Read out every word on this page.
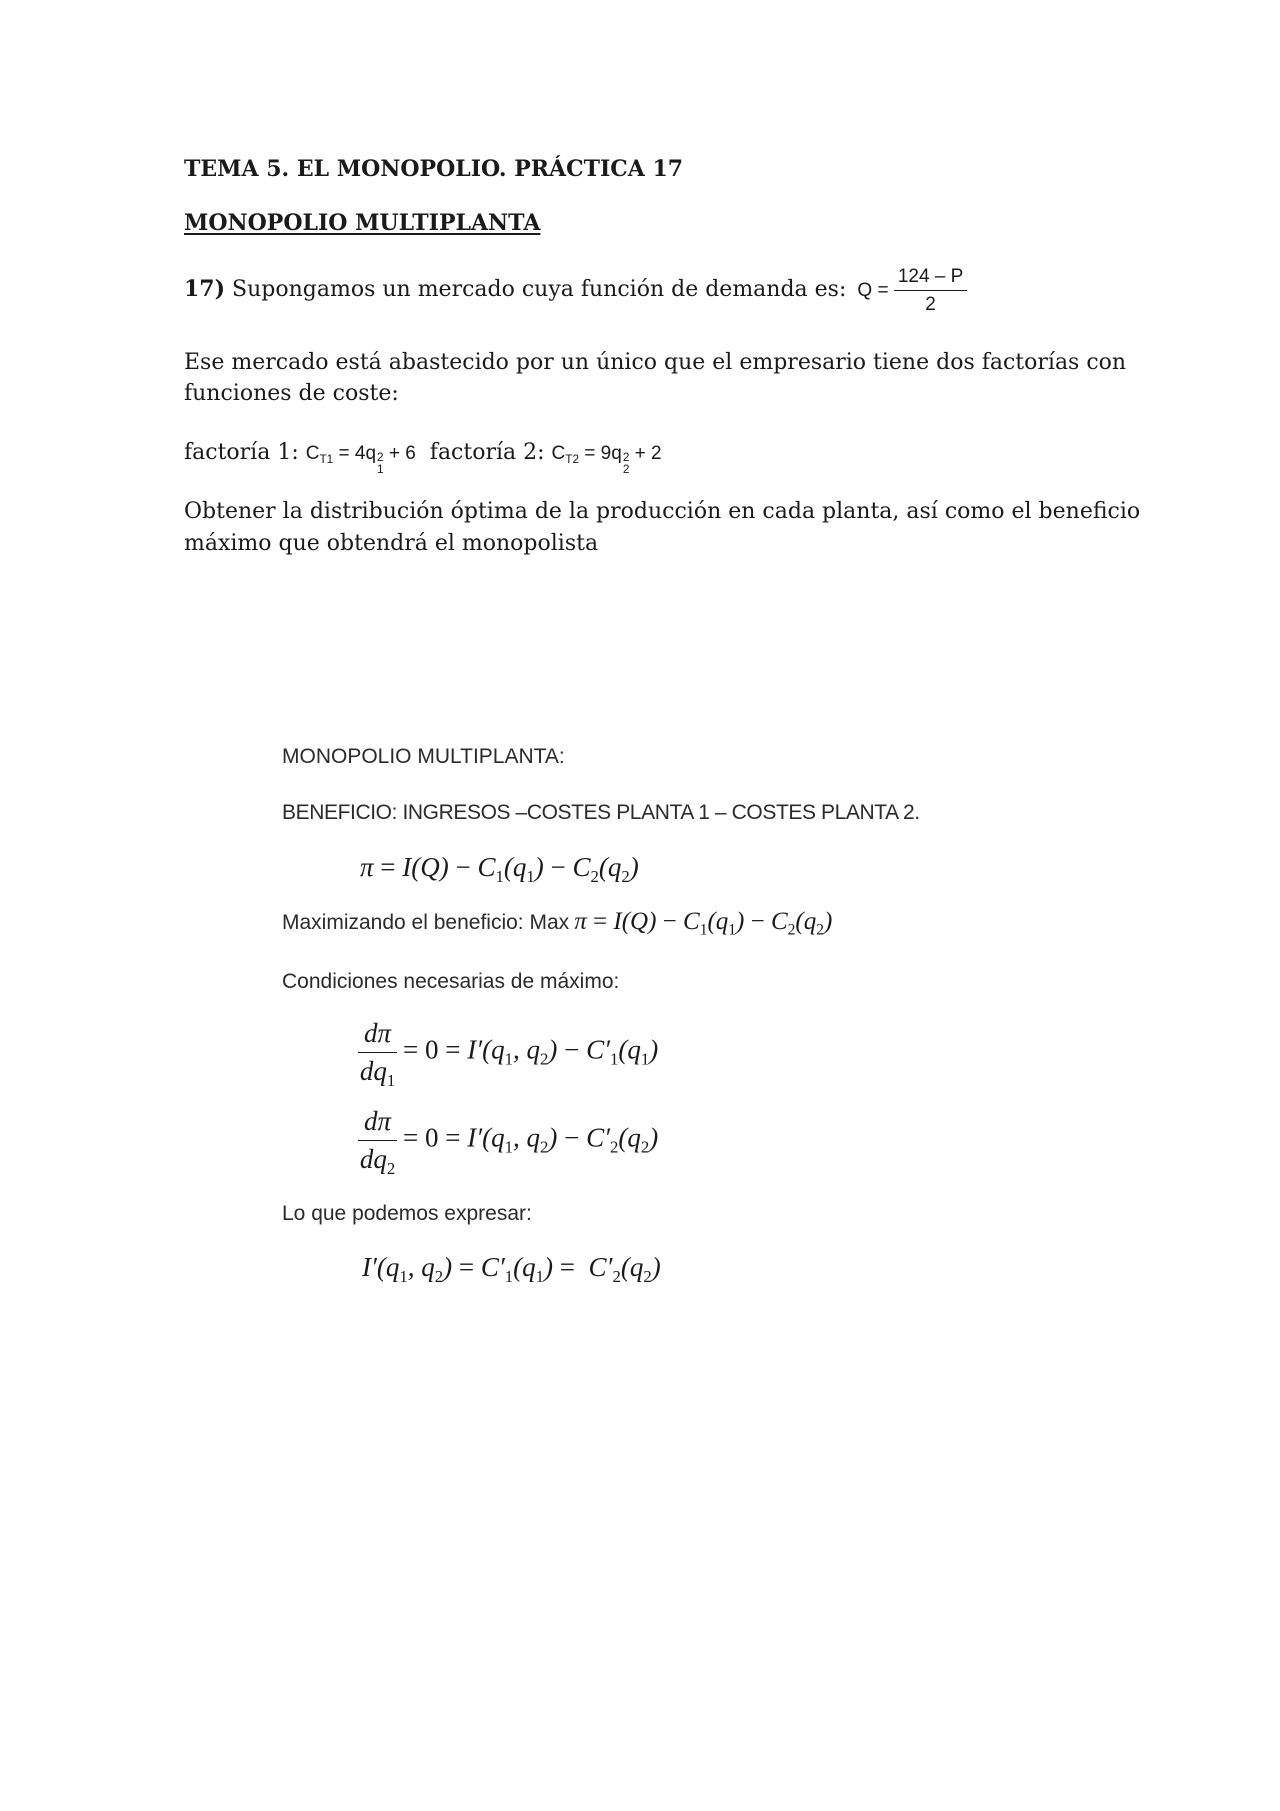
TEMA 5. EL MONOPOLIO. PRÁCTICA 17
MONOPOLIO MULTIPLANTA
17) Supongamos un mercado cuya función de demanda es: $Q = \frac{124 - P}{2}$
Ese mercado está abastecido por un único que el empresario tiene dos factorías con
funciones de coste:
factoría 1: $C_{T1} = 4q$ 2
1
+ 6 factoría 2: $C_{T2} = 9q$ 2
2
+ 2
Obtener la distribución óptima de la producción en cada planta, así como el beneficio
máximo que obtendrá el monopolista
MONOPOLIO MULTIPLANTA:
BENEFICIO: INGRESOS –COSTES PLANTA 1 – COSTES PLANTA 2.
$\pi = I(Q) - C_1(q_1) - C_2(q_2)$
Maximizando el beneficio: Max $\pi = I(Q) - C_1(q_1) - C_2(q_2)$
Condiciones necesarias de máximo:
$\frac{d\pi}{dq_1} = 0 = I'(q_1$, $q_2) - C'_1(q_1)$
$\frac{d\pi}{dq_2} = 0 = I'(q_1$, $q_2) - C'_2(q_2)$
Lo que podemos expresar:
$I'(q_1$, $q_2) = C'_1(q_1) = C'_2(q_2)$
